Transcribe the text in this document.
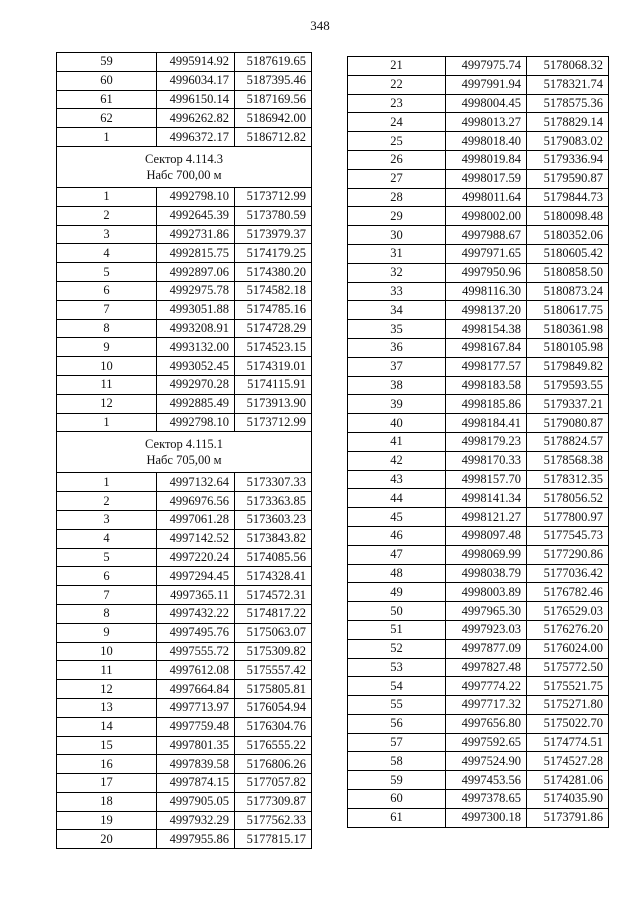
348
59	4995914.92	5187619.65
60	4996034.17	5187395.46
61	4996150.14	5187169.56
62	4996262.82	5186942.00
1	4996372.17	5186712.82

Сектор 4.114.3
Набс 700,00 м		

1	4992798.10	5173712.99
2	4992645.39	5173780.59
3	4992731.86	5173979.37
4	4992815.75	5174179.25
5	4992897.06	5174380.20
6	4992975.78	5174582.18
7	4993051.88	5174785.16
8	4993208.91	5174728.29
9	4993132.00	5174523.15
10	4993052.45	5174319.01
11	4992970.28	5174115.91
12	4992885.49	5173913.90
1	4992798.10	5173712.99

Сектор 4.115.1
Набс 705,00 м		

1	4997132.64	5173307.33
2	4996976.56	5173363.85
3	4997061.28	5173603.23
4	4997142.52	5173843.82
5	4997220.24	5174085.56
6	4997294.45	5174328.41
7	4997365.11	5174572.31
8	4997432.22	5174817.22
9	4997495.76	5175063.07
10	4997555.72	5175309.82
11	4997612.08	5175557.42
12	4997664.84	5175805.81
13	4997713.97	5176054.94
14	4997759.48	5176304.76
15	4997801.35	5176555.22
16	4997839.58	5176806.26
17	4997874.15	5177057.82
18	4997905.05	5177309.87
19	4997932.29	5177562.33
20	4997955.86	5177815.17
21	4997975.74	5178068.32
22	4997991.94	5178321.74
23	4998004.45	5178575.36
24	4998013.27	5178829.14
25	4998018.40	5179083.02
26	4998019.84	5179336.94
27	4998017.59	5179590.87
28	4998011.64	5179844.73
29	4998002.00	5180098.48
30	4997988.67	5180352.06
31	4997971.65	5180605.42
32	4997950.96	5180858.50
33	4998116.30	5180873.24
34	4998137.20	5180617.75
35	4998154.38	5180361.98
36	4998167.84	5180105.98
37	4998177.57	5179849.82
38	4998183.58	5179593.55
39	4998185.86	5179337.21
40	4998184.41	5179080.87
41	4998179.23	5178824.57
42	4998170.33	5178568.38
43	4998157.70	5178312.35
44	4998141.34	5178056.52
45	4998121.27	5177800.97
46	4998097.48	5177545.73
47	4998069.99	5177290.86
48	4998038.79	5177036.42
49	4998003.89	5176782.46
50	4997965.30	5176529.03
51	4997923.03	5176276.20
52	4997877.09	5176024.00
53	4997827.48	5175772.50
54	4997774.22	5175521.75
55	4997717.32	5175271.80
56	4997656.80	5175022.70
57	4997592.65	5174774.51
58	4997524.90	5174527.28
59	4997453.56	5174281.06
60	4997378.65	5174035.90
61	4997300.18	5173791.86
